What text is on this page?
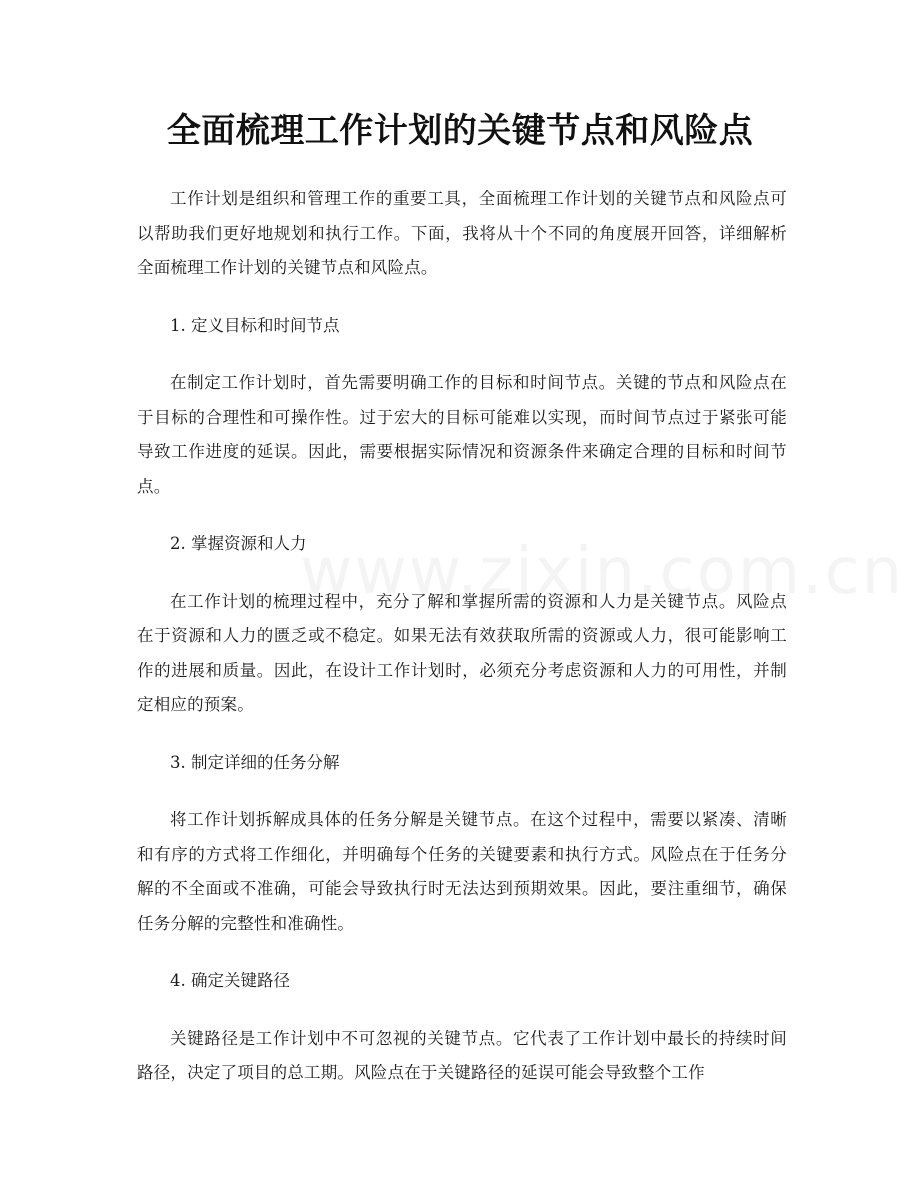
全面梳理工作计划的关键节点和风险点

工作计划是组织和管理工作的重要工具，全面梳理工作计划的关键节点和风险点可以帮助我们更好地规划和执行工作。下面，我将从十个不同的角度展开回答，详细解析全面梳理工作计划的关键节点和风险点。

1. 定义目标和时间节点

在制定工作计划时，首先需要明确工作的目标和时间节点。关键的节点和风险点在于目标的合理性和可操作性。过于宏大的目标可能难以实现，而时间节点过于紧张可能导致工作进度的延误。因此，需要根据实际情况和资源条件来确定合理的目标和时间节点。

2. 掌握资源和人力

在工作计划的梳理过程中，充分了解和掌握所需的资源和人力是关键节点。风险点在于资源和人力的匮乏或不稳定。如果无法有效获取所需的资源或人力，很可能影响工作的进展和质量。因此，在设计工作计划时，必须充分考虑资源和人力的可用性，并制定相应的预案。

3. 制定详细的任务分解

将工作计划拆解成具体的任务分解是关键节点。在这个过程中，需要以紧凑、清晰和有序的方式将工作细化，并明确每个任务的关键要素和执行方式。风险点在于任务分解的不全面或不准确，可能会导致执行时无法达到预期效果。因此，要注重细节，确保任务分解的完整性和准确性。

4. 确定关键路径

关键路径是工作计划中不可忽视的关键节点。它代表了工作计划中最长的持续时间路径，决定了项目的总工期。风险点在于关键路径的延误可能会导致整个工作
